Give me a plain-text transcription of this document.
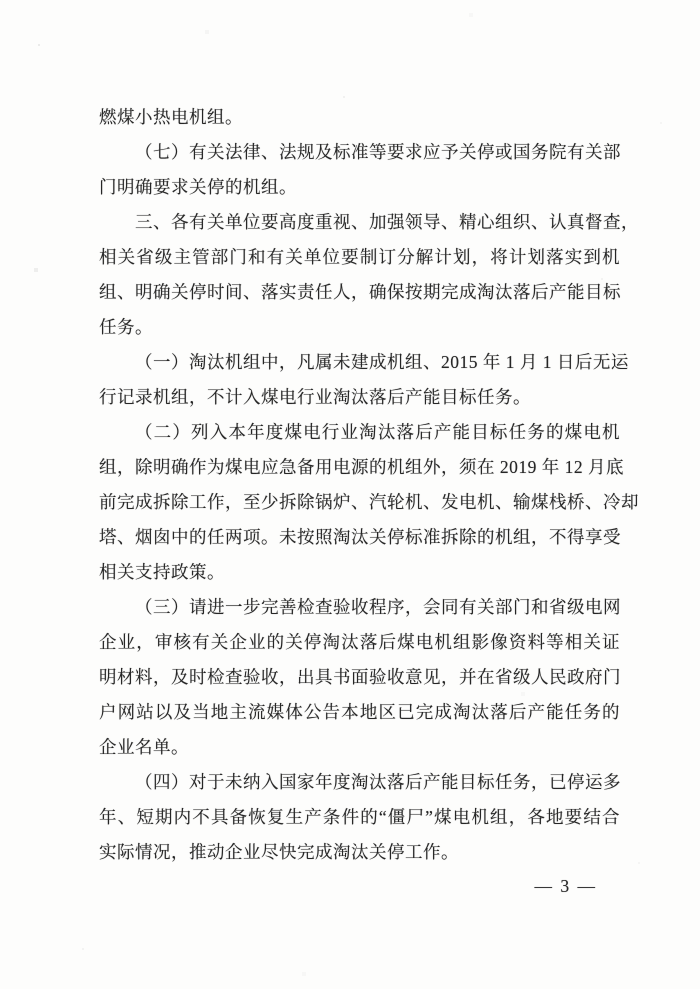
燃煤小热电机组。
（七）有关法律、法规及标准等要求应予关停或国务院有关部
门明确要求关停的机组。
三、各有关单位要高度重视、加强领导、精心组织、认真督查，
相关省级主管部门和有关单位要制订分解计划，将计划落实到机
组、明确关停时间、落实责任人，确保按期完成淘汰落后产能目标
任务。
（一）淘汰机组中，凡属未建成机组、2015 年 1 月 1 日后无运
行记录机组，不计入煤电行业淘汰落后产能目标任务。
（二）列入本年度煤电行业淘汰落后产能目标任务的煤电机
组，除明确作为煤电应急备用电源的机组外，须在 2019 年 12 月底
前完成拆除工作，至少拆除锅炉、汽轮机、发电机、输煤栈桥、冷却
塔、烟囱中的任两项。未按照淘汰关停标准拆除的机组，不得享受
相关支持政策。
（三）请进一步完善检查验收程序，会同有关部门和省级电网
企业，审核有关企业的关停淘汰落后煤电机组影像资料等相关证
明材料，及时检查验收，出具书面验收意见，并在省级人民政府门
户网站以及当地主流媒体公告本地区已完成淘汰落后产能任务的
企业名单。
（四）对于未纳入国家年度淘汰落后产能目标任务，已停运多
年、短期内不具备恢复生产条件的“僵尸”煤电机组，各地要结合
实际情况，推动企业尽快完成淘汰关停工作。
— 3 —
